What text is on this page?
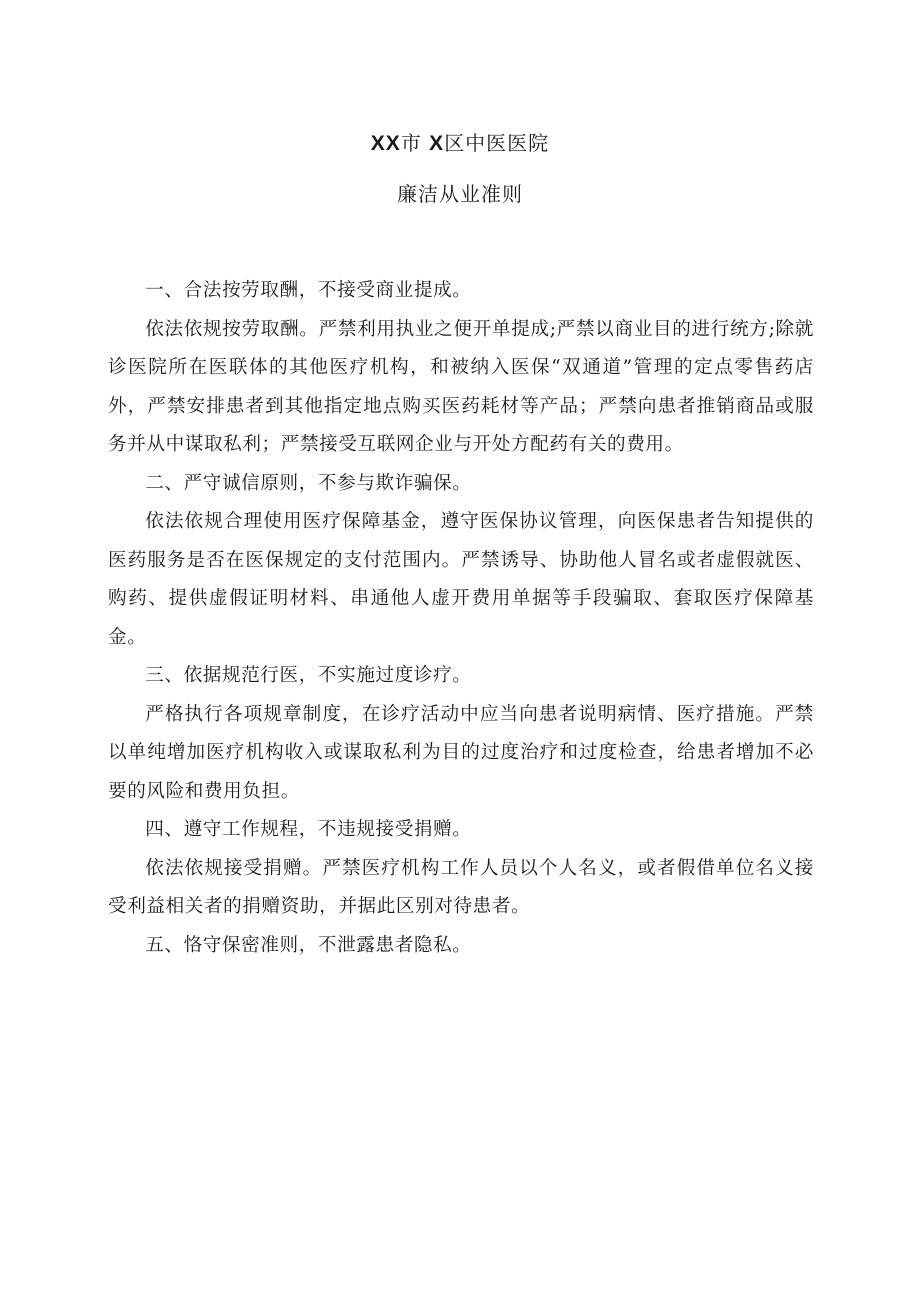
XX市 X区中医医院
廉洁从业准则

一、合法按劳取酬，不接受商业提成。

依法依规按劳取酬。严禁利用执业之便开单提成;严禁以商业目的进行统方;除就诊医院所在医联体的其他医疗机构，和被纳入医保“双通道”管理的定点零售药店外，严禁安排患者到其他指定地点购买医药耗材等产品；严禁向患者推销商品或服务并从中谋取私利；严禁接受互联网企业与开处方配药有关的费用。

二、严守诚信原则，不参与欺诈骗保。

依法依规合理使用医疗保障基金，遵守医保协议管理，向医保患者告知提供的医药服务是否在医保规定的支付范围内。严禁诱导、协助他人冒名或者虚假就医、购药、提供虚假证明材料、串通他人虚开费用单据等手段骗取、套取医疗保障基金。

三、依据规范行医，不实施过度诊疗。

严格执行各项规章制度，在诊疗活动中应当向患者说明病情、医疗措施。严禁以单纯增加医疗机构收入或谋取私利为目的过度治疗和过度检查，给患者增加不必要的风险和费用负担。

四、遵守工作规程，不违规接受捐赠。

依法依规接受捐赠。严禁医疗机构工作人员以个人名义，或者假借单位名义接受利益相关者的捐赠资助，并据此区别对待患者。

五、恪守保密准则，不泄露患者隐私。
